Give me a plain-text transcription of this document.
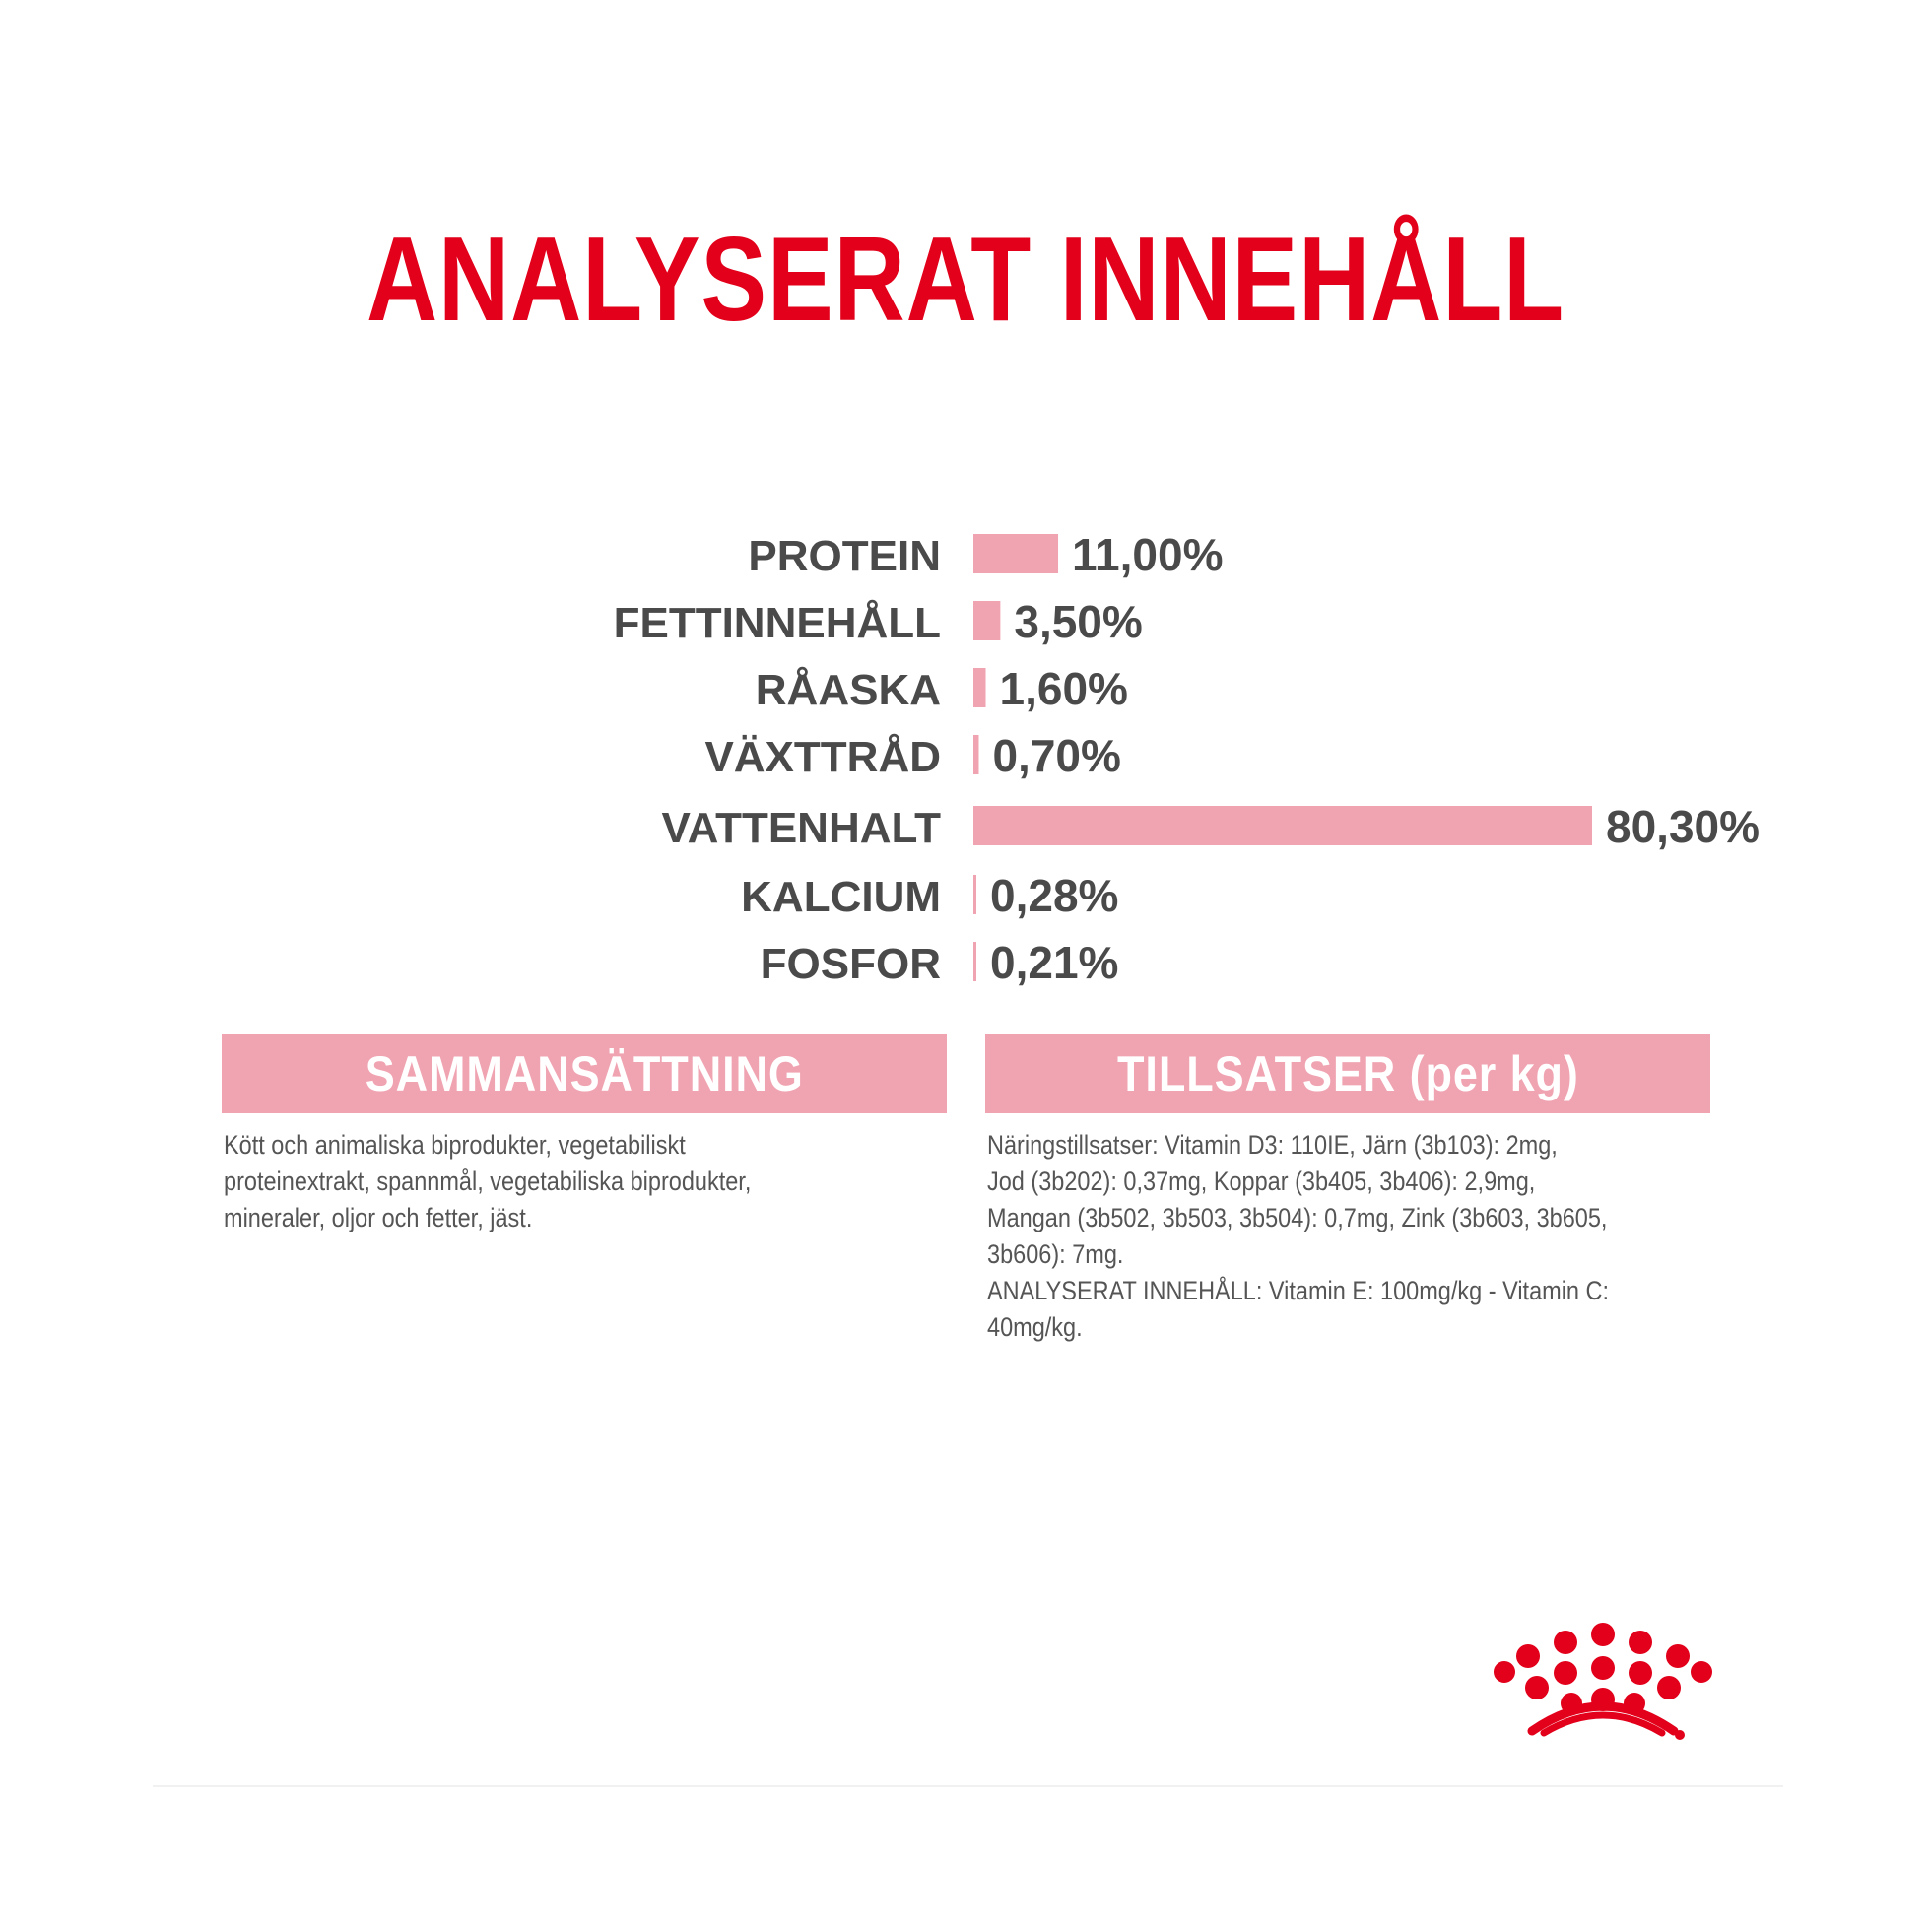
ANALYSERAT INNEHÅLL
PROTEIN	11,00%
FETTINNEHÅLL 3,50%
RÅASKA 1,60%
VÄXTTRÅD 0,70%
VATTENHALT	80,30%
KALCIUM 0,28%
FOSFOR 0,21%
SAMMANSÄTTNING
Kött och animaliska biprodukter, vegetabiliskt
proteinextrakt, spannmål, vegetabiliska biprodukter,
mineraler, oljor och fetter, jäst.
TILLSATSER (per kg)
Näringstillsatser: Vitamin D3: 110IE, Järn (3b103): 2mg,
Jod (3b202): 0,37mg, Koppar (3b405, 3b406): 2,9mg,
Mangan (3b502, 3b503, 3b504): 0,7mg, Zink (3b603, 3b605,
3b606): 7mg.
ANALYSERAT INNEHÅLL: Vitamin E: 100mg/kg - Vitamin C:
40mg/kg.
